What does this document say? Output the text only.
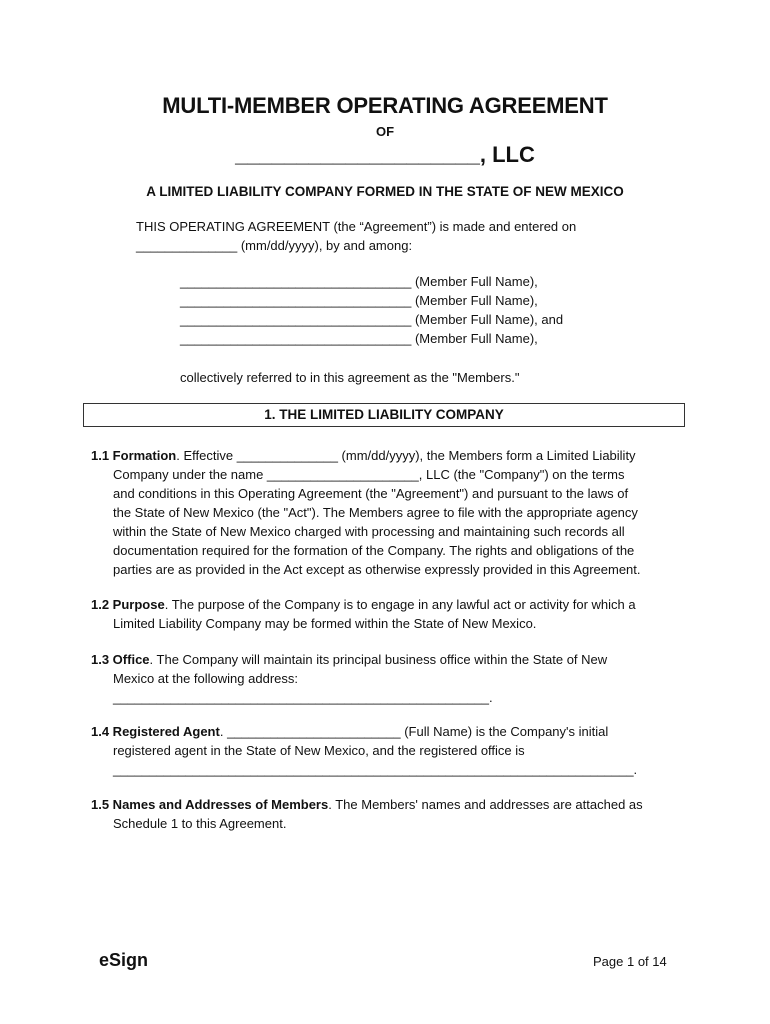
MULTI-MEMBER OPERATING AGREEMENT
OF
____________________, LLC
A LIMITED LIABILITY COMPANY FORMED IN THE STATE OF NEW MEXICO
THIS OPERATING AGREEMENT (the “Agreement”) is made and entered on
______________ (mm/dd/yyyy), by and among:
________________________________ (Member Full Name),
________________________________ (Member Full Name),
________________________________ (Member Full Name), and
________________________________ (Member Full Name),
collectively referred to in this agreement as the "Members."
1. THE LIMITED LIABILITY COMPANY
1.1 Formation. Effective ______________ (mm/dd/yyyy), the Members form a Limited Liability
Company under the name _____________________, LLC (the "Company") on the terms
and conditions in this Operating Agreement (the "Agreement") and pursuant to the laws of
the State of New Mexico (the "Act"). The Members agree to file with the appropriate agency
within the State of New Mexico charged with processing and maintaining such records all
documentation required for the formation of the Company. The rights and obligations of the
parties are as provided in the Act except as otherwise expressly provided in this Agreement.
1.2 Purpose. The purpose of the Company is to engage in any lawful act or activity for which a
Limited Liability Company may be formed within the State of New Mexico.
1.3 Office. The Company will maintain its principal business office within the State of New
Mexico at the following address:
____________________________________________________.
1.4 Registered Agent. ________________________ (Full Name) is the Company's initial
registered agent in the State of New Mexico, and the registered office is
________________________________________________________________________.
1.5 Names and Addresses of Members. The Members' names and addresses are attached as
Schedule 1 to this Agreement.
eSign	Page 1 of 14
